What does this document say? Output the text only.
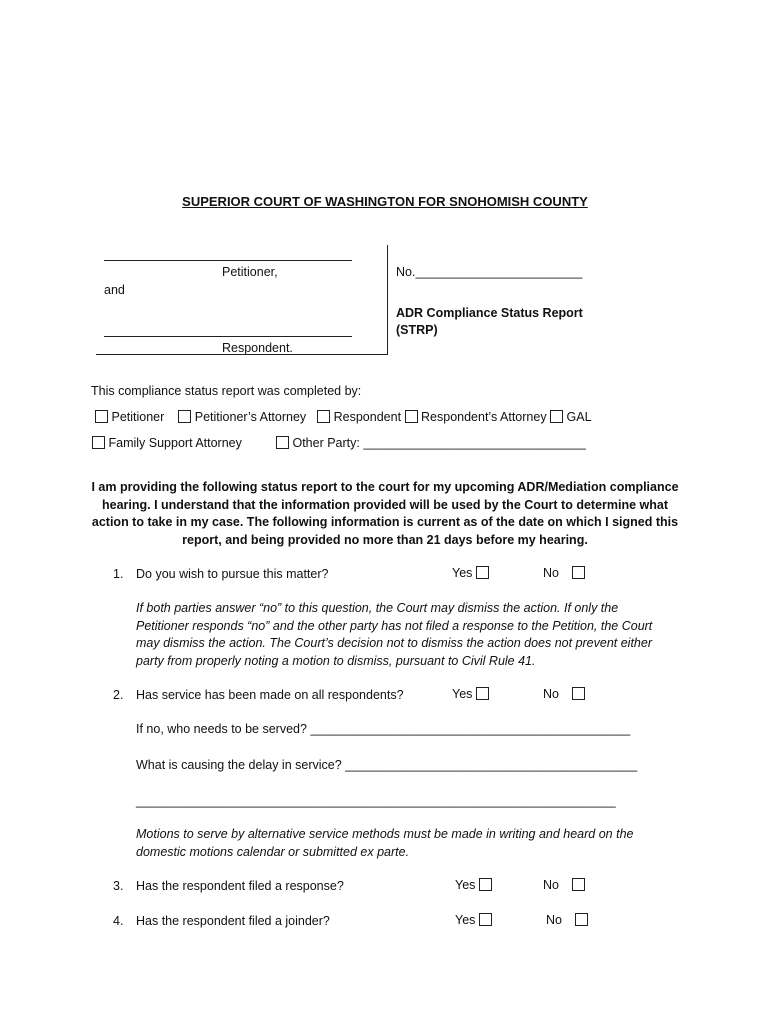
SUPERIOR COURT OF WASHINGTON FOR SNOHOMISH COUNTY
Petitioner,
and
Respondent.
No.________________________
ADR Compliance Status Report
(STRP)
This compliance status report was completed by:
Petitioner Petitioner’s Attorney Respondent Respondent’s Attorney GAL
Family Support Attorney	Other Party: ________________________________
I am providing the following status report to the court for my upcoming ADR/Mediation compliance
hearing. I understand that the information provided will be used by the Court to determine what
action to take in my case. The following information is current as of the date on which I signed this
report, and being provided no more than 21 days before my hearing.
1. Do you wish to pursue this matter?	Yes	No
If both parties answer “no” to this question, the Court may dismiss the action. If only the
Petitioner responds “no” and the other party has not filed a response to the Petition, the Court
may dismiss the action. The Court’s decision not to dismiss the action does not prevent either
party from properly noting a motion to dismiss, pursuant to Civil Rule 41.
2. Has service has been made on all respondents?	Yes	No
If no, who needs to be served? ______________________________________________
What is causing the delay in service? __________________________________________
_____________________________________________________________________
Motions to serve by alternative service methods must be made in writing and heard on the
domestic motions calendar or submitted ex parte.
3. Has the respondent filed a response?	Yes	No
4. Has the respondent filed a joinder?	Yes	No
